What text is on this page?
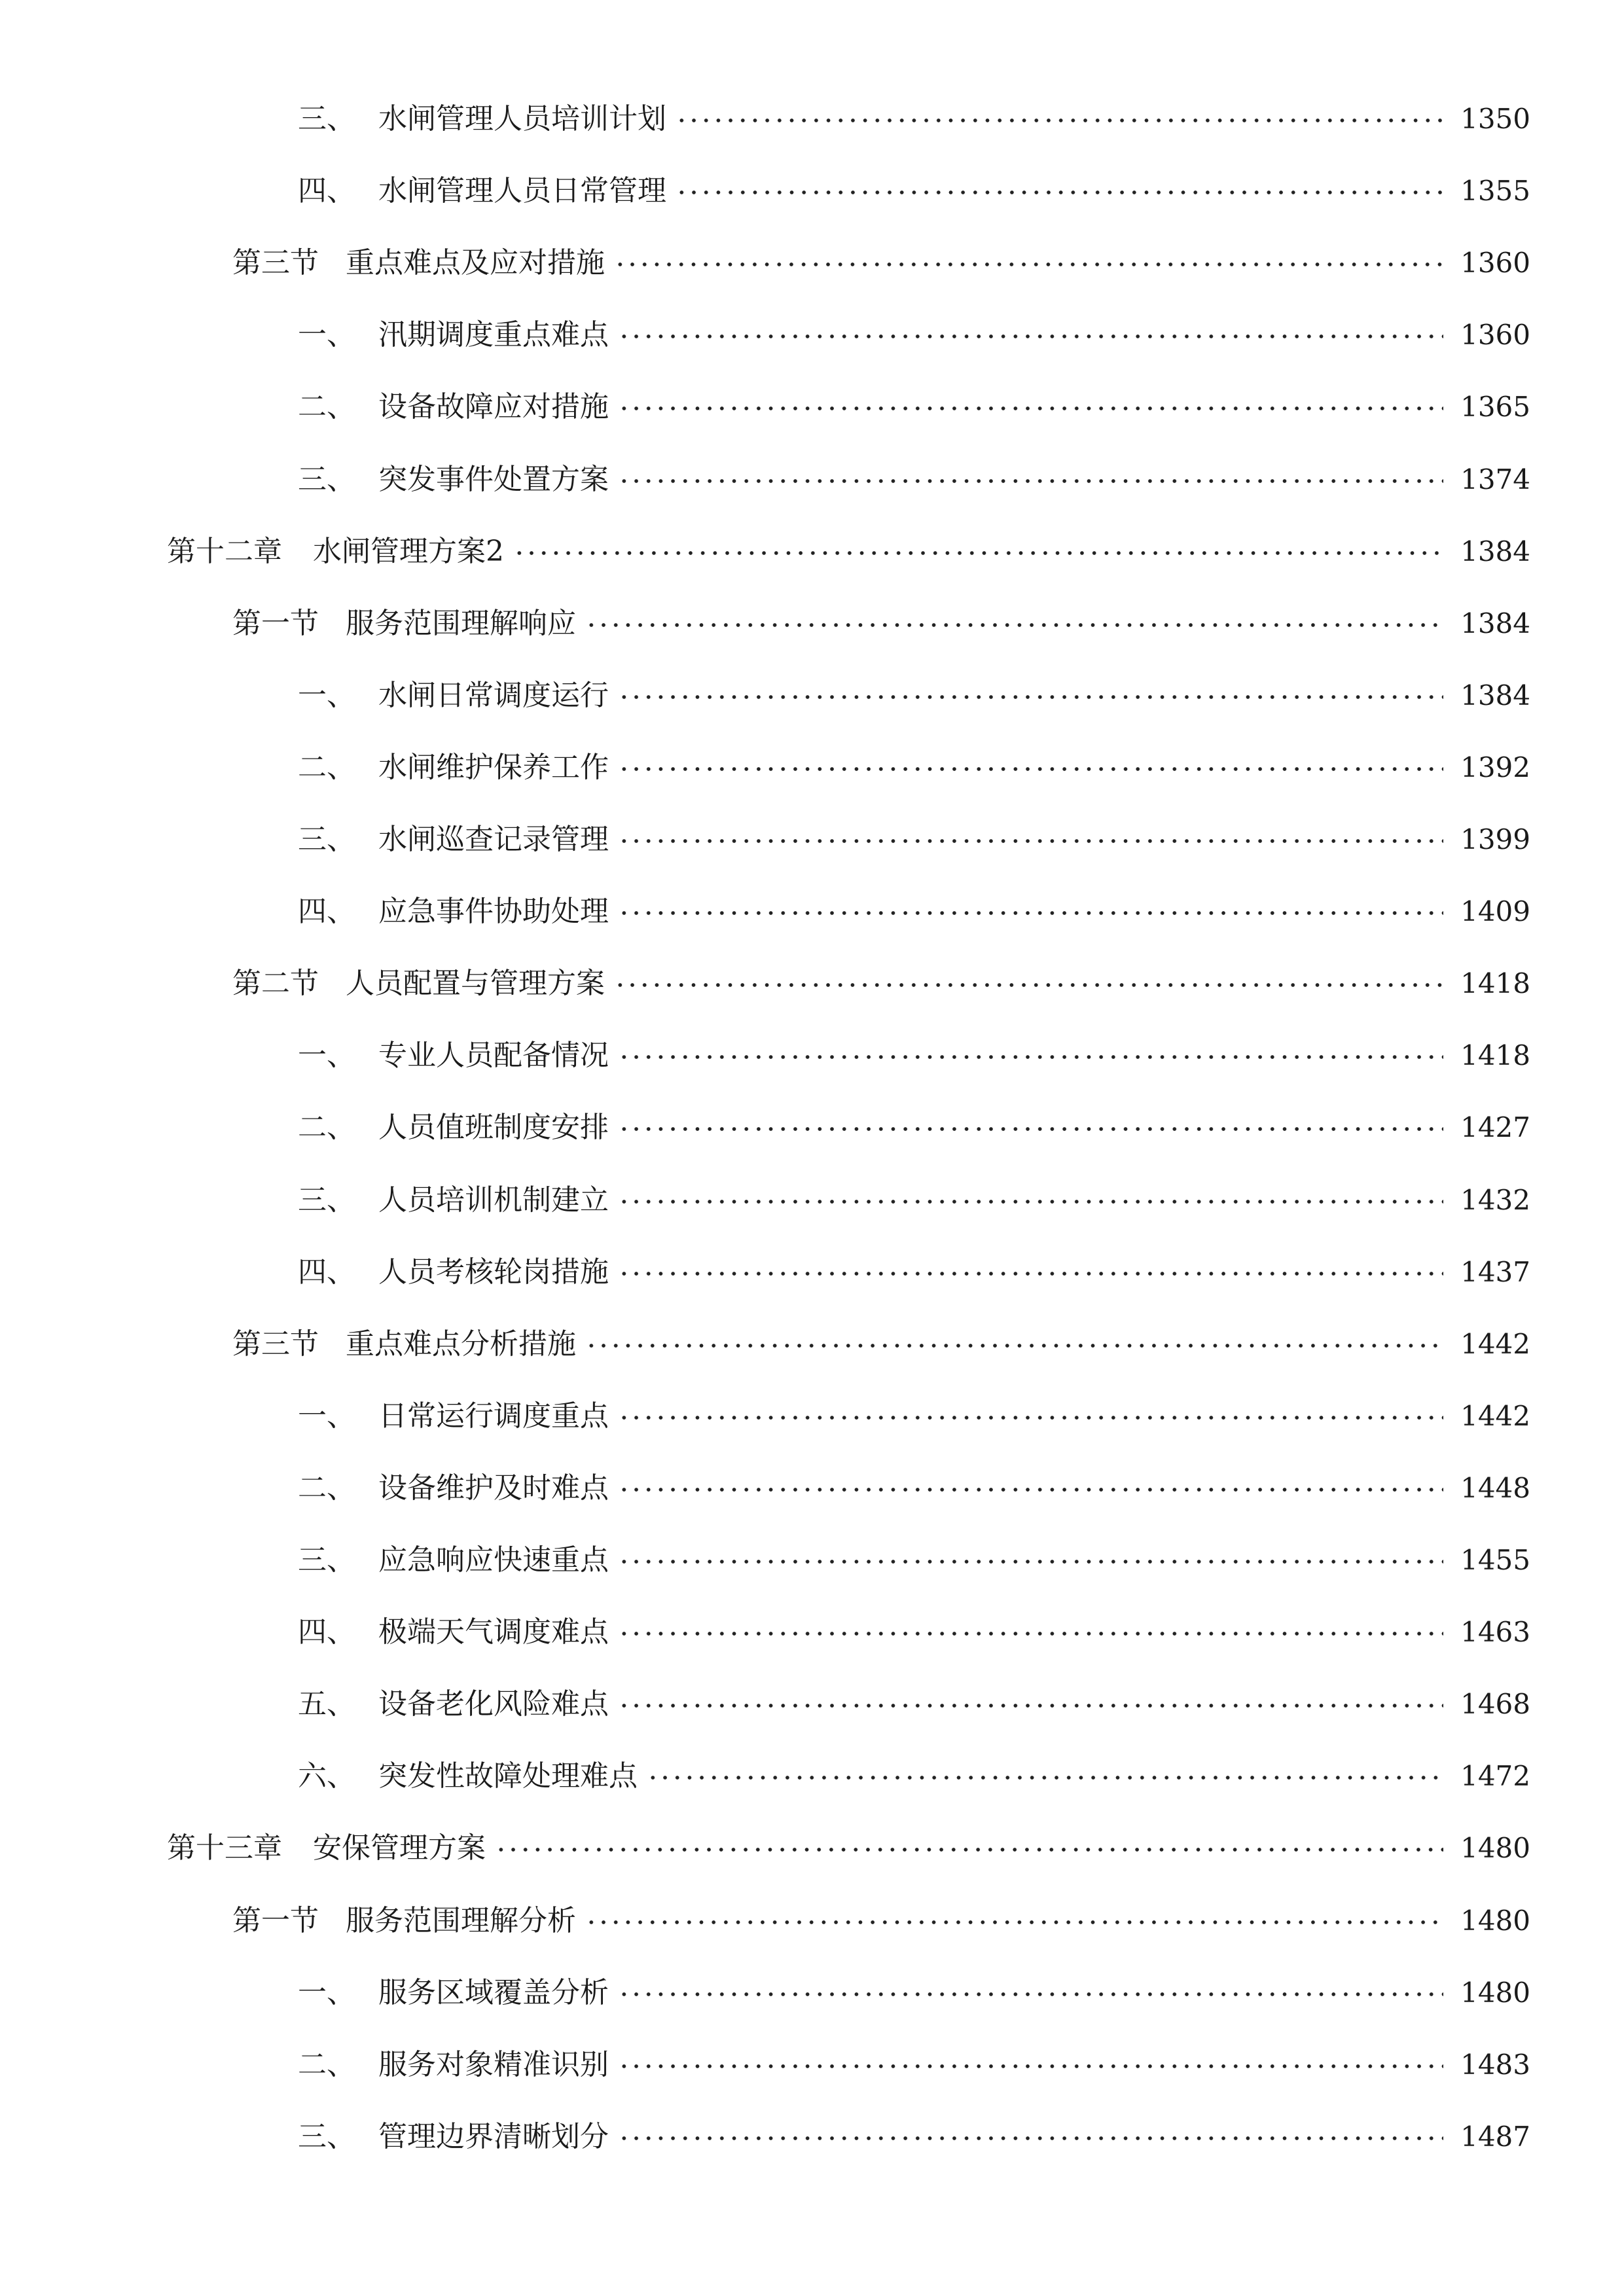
三、 水闸管理人员培训计划	1350
四、 水闸管理人员日常管理	1355
第三节 重点难点及应对措施	1360
一、 汛期调度重点难点	1360
二、 设备故障应对措施	1365
三、 突发事件处置方案	1374
第十二章 水闸管理方案2	1384
第一节 服务范围理解响应	1384
一、 水闸日常调度运行	1384
二、 水闸维护保养工作	1392
三、 水闸巡查记录管理	1399
四、 应急事件协助处理	1409
第二节 人员配置与管理方案	1418
一、 专业人员配备情况	1418
二、 人员值班制度安排	1427
三、 人员培训机制建立	1432
四、 人员考核轮岗措施	1437
第三节 重点难点分析措施	1442
一、 日常运行调度重点	1442
二、 设备维护及时难点	1448
三、 应急响应快速重点	1455
四、 极端天气调度难点	1463
五、 设备老化风险难点	1468
六、 突发性故障处理难点	1472
第十三章 安保管理方案	1480
第一节 服务范围理解分析	1480
一、 服务区域覆盖分析	1480
二、 服务对象精准识别	1483
三、 管理边界清晰划分	1487
